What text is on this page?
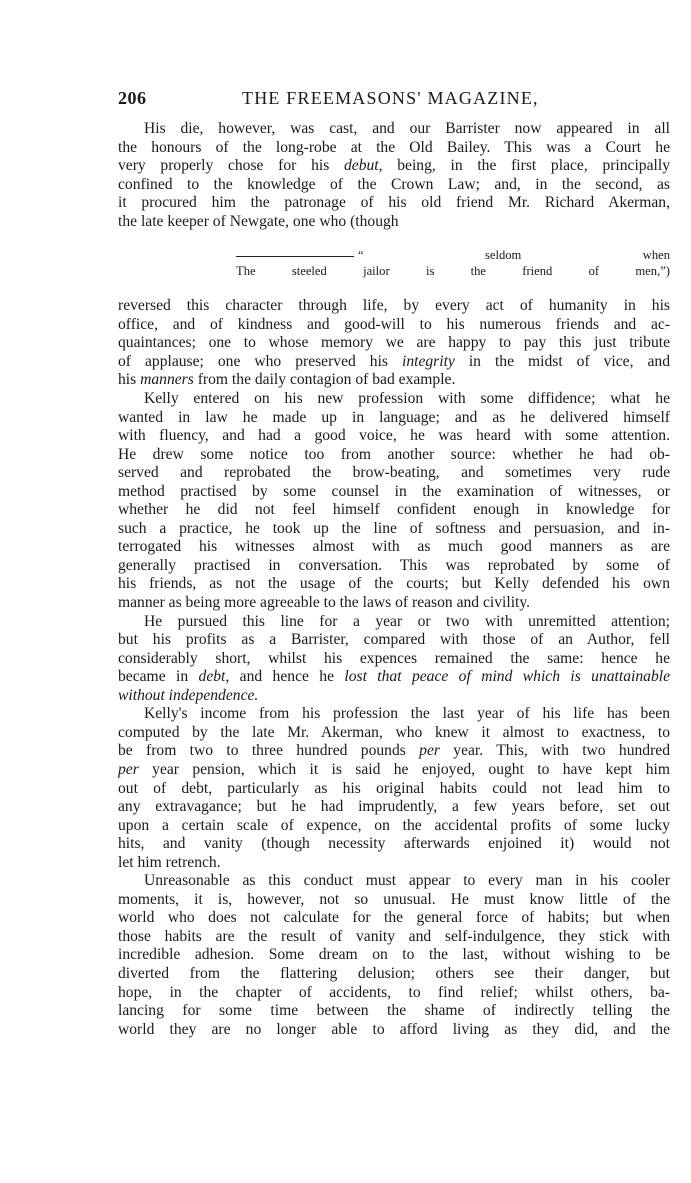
206	THE FREEMASONS' MAGAZINE,

His die, however, was cast, and our Barrister now appeared in all
the honours of the long-robe at the Old Bailey. This was a Court he
very properly chose for his debut, being, in the first place, principally
confined to the knowledge of the Crown Law; and, in the second, as
it procured him the patronage of his old friend Mr. Richard Akerman,
the late keeper of Newgate, one who (though

“ seldom when
The steeled jailor is the friend of men,”)

reversed this character through life, by every act of humanity in his
office, and of kindness and good-will to his numerous friends and ac-
quaintances; one to whose memory we are happy to pay this just tribute
of applause; one who preserved his integrity in the midst of vice, and
his manners from the daily contagion of bad example.

Kelly entered on his new profession with some diffidence; what he
wanted in law he made up in language; and as he delivered himself
with fluency, and had a good voice, he was heard with some attention.
He drew some notice too from another source: whether he had ob-
served and reprobated the brow-beating, and sometimes very rude
method practised by some counsel in the examination of witnesses, or
whether he did not feel himself confident enough in knowledge for
such a practice, he took up the line of softness and persuasion, and in-
terrogated his witnesses almost with as much good manners as are
generally practised in conversation. This was reprobated by some of
his friends, as not the usage of the courts; but Kelly defended his own
manner as being more agreeable to the laws of reason and civility.

He pursued this line for a year or two with unremitted attention;
but his profits as a Barrister, compared with those of an Author, fell
considerably short, whilst his expences remained the same: hence he
became in debt, and hence he lost that peace of mind which is unattainable
without independence.

Kelly's income from his profession the last year of his life has been
computed by the late Mr. Akerman, who knew it almost to exactness, to
be from two to three hundred pounds per year. This, with two hundred
per year pension, which it is said he enjoyed, ought to have kept him
out of debt, particularly as his original habits could not lead him to
any extravagance; but he had imprudently, a few years before, set out
upon a certain scale of expence, on the accidental profits of some lucky
hits, and vanity (though necessity afterwards enjoined it) would not
let him retrench.

Unreasonable as this conduct must appear to every man in his cooler
moments, it is, however, not so unusual. He must know little of the
world who does not calculate for the general force of habits; but when
those habits are the result of vanity and self-indulgence, they stick with
incredible adhesion. Some dream on to the last, without wishing to be
diverted from the flattering delusion; others see their danger, but
hope, in the chapter of accidents, to find relief; whilst others, ba-
lancing for some time between the shame of indirectly telling the
world they are no longer able to afford living as they did, and the
